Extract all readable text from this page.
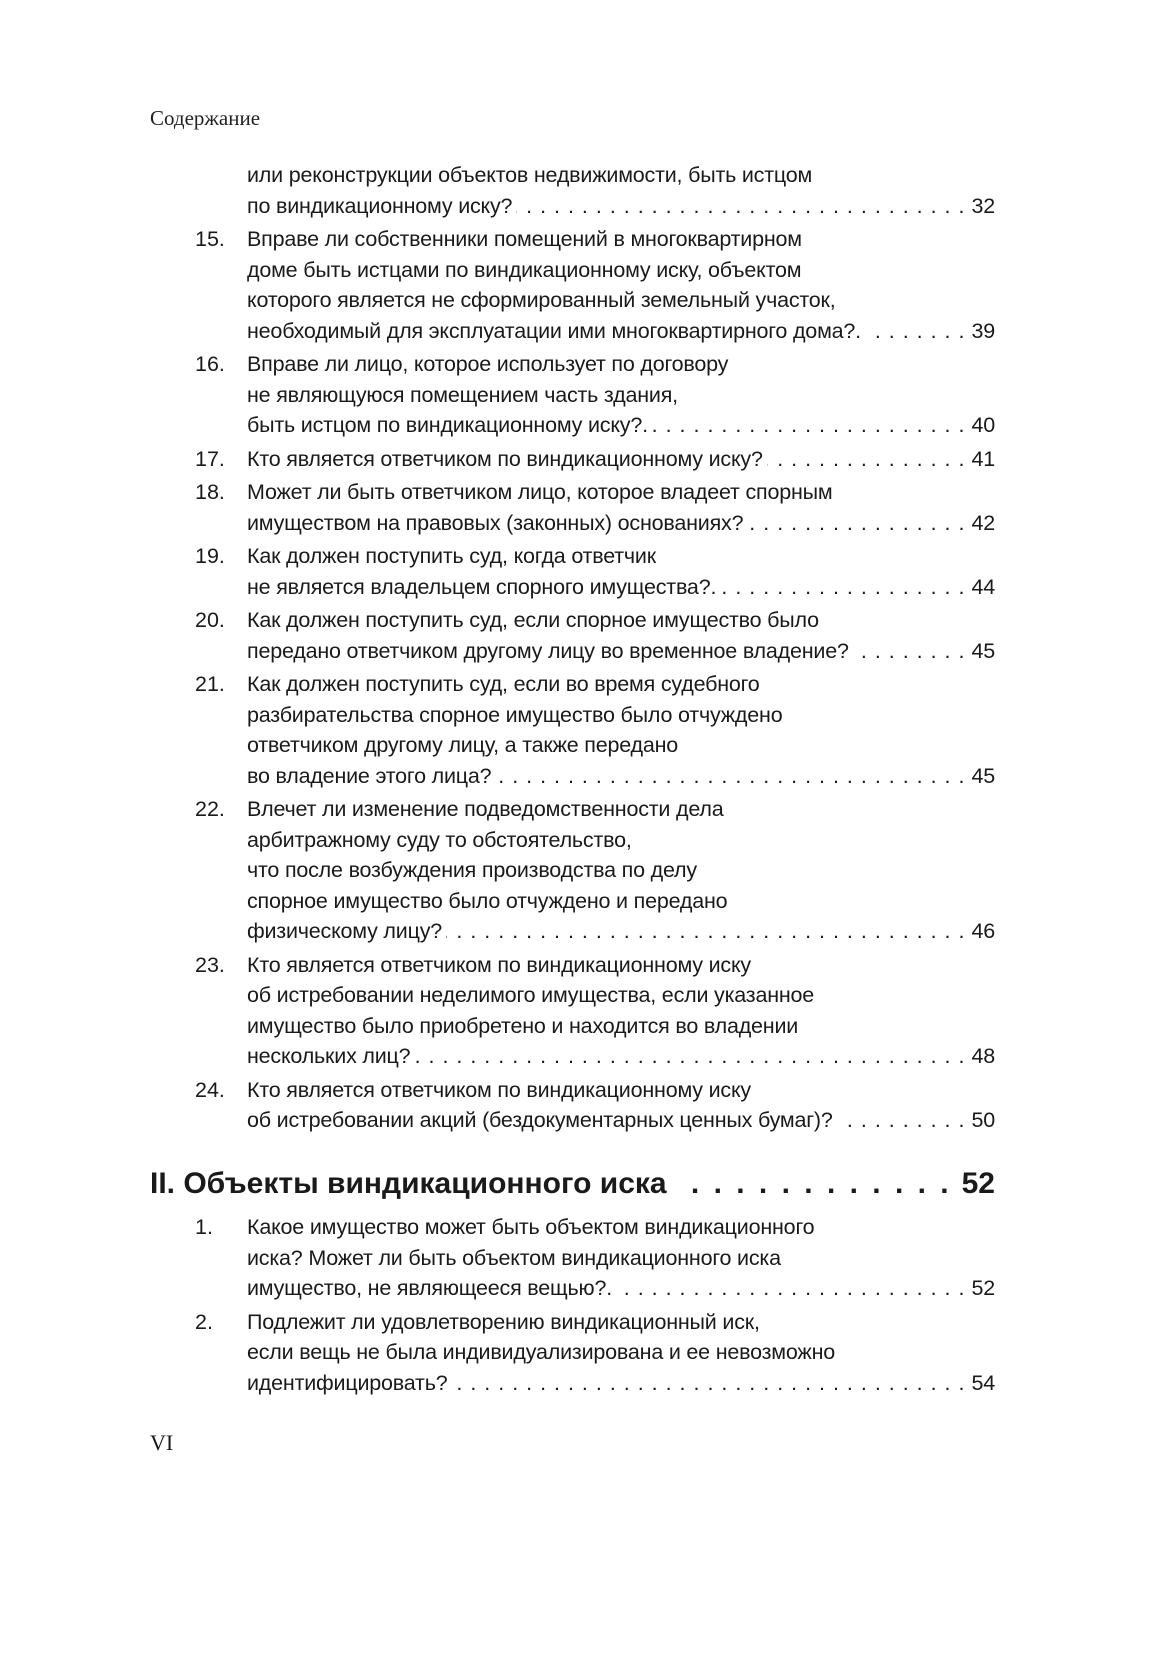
Содержание
или реконструкции объектов недвижимости, быть истцом
по виндикационному иску? . . .	32
15.	Вправе ли собственники помещений в многоквартирном
доме быть истцами по виндикационному иску, объектом
которого является не сформированный земельный участок,
необходимый для эксплуатации ими многоквартирного дома?. . . .	39
16.	Вправе ли лицо, которое использует по договору
не являющуюся помещением часть здания,
быть истцом по виндикационному иску?. . . .	40
17.	Кто является ответчиком по виндикационному иску? . . .	41
18.	Может ли быть ответчиком лицо, которое владеет спорным
имуществом на правовых (законных) основаниях? . . .	42
19.	Как должен поступить суд, когда ответчик
не является владельцем спорного имущества?. . . .	44
20.	Как должен поступить суд, если спорное имущество было
передано ответчиком другому лицу во временное владение? . . .	45
21.	Как должен поступить суд, если во время судебного
разбирательства спорное имущество было отчуждено
ответчиком другому лицу, а также передано
во владение этого лица? . . .	45
22.	Влечет ли изменение подведомственности дела
арбитражному суду то обстоятельство,
что после возбуждения производства по делу
спорное имущество было отчуждено и передано
физическому лицу? . . .	46
23.	Кто является ответчиком по виндикационному иску
об истребовании неделимого имущества, если указанное
имущество было приобретено и находится во владении
нескольких лиц? . . .	48
24.	Кто является ответчиком по виндикационному иску
об истребовании акций (бездокументарных ценных бумаг)? . . .	50
II. Объекты виндикационного иска . . .	52
1.	Какое имущество может быть объектом виндикационного
иска? Может ли быть объектом виндикационного иска
имущество, не являющееся вещью?. . . .	52
2.	Подлежит ли удовлетворению виндикационный иск,
если вещь не была индивидуализирована и ее невозможно
идентифицировать? . . .	54
VI
